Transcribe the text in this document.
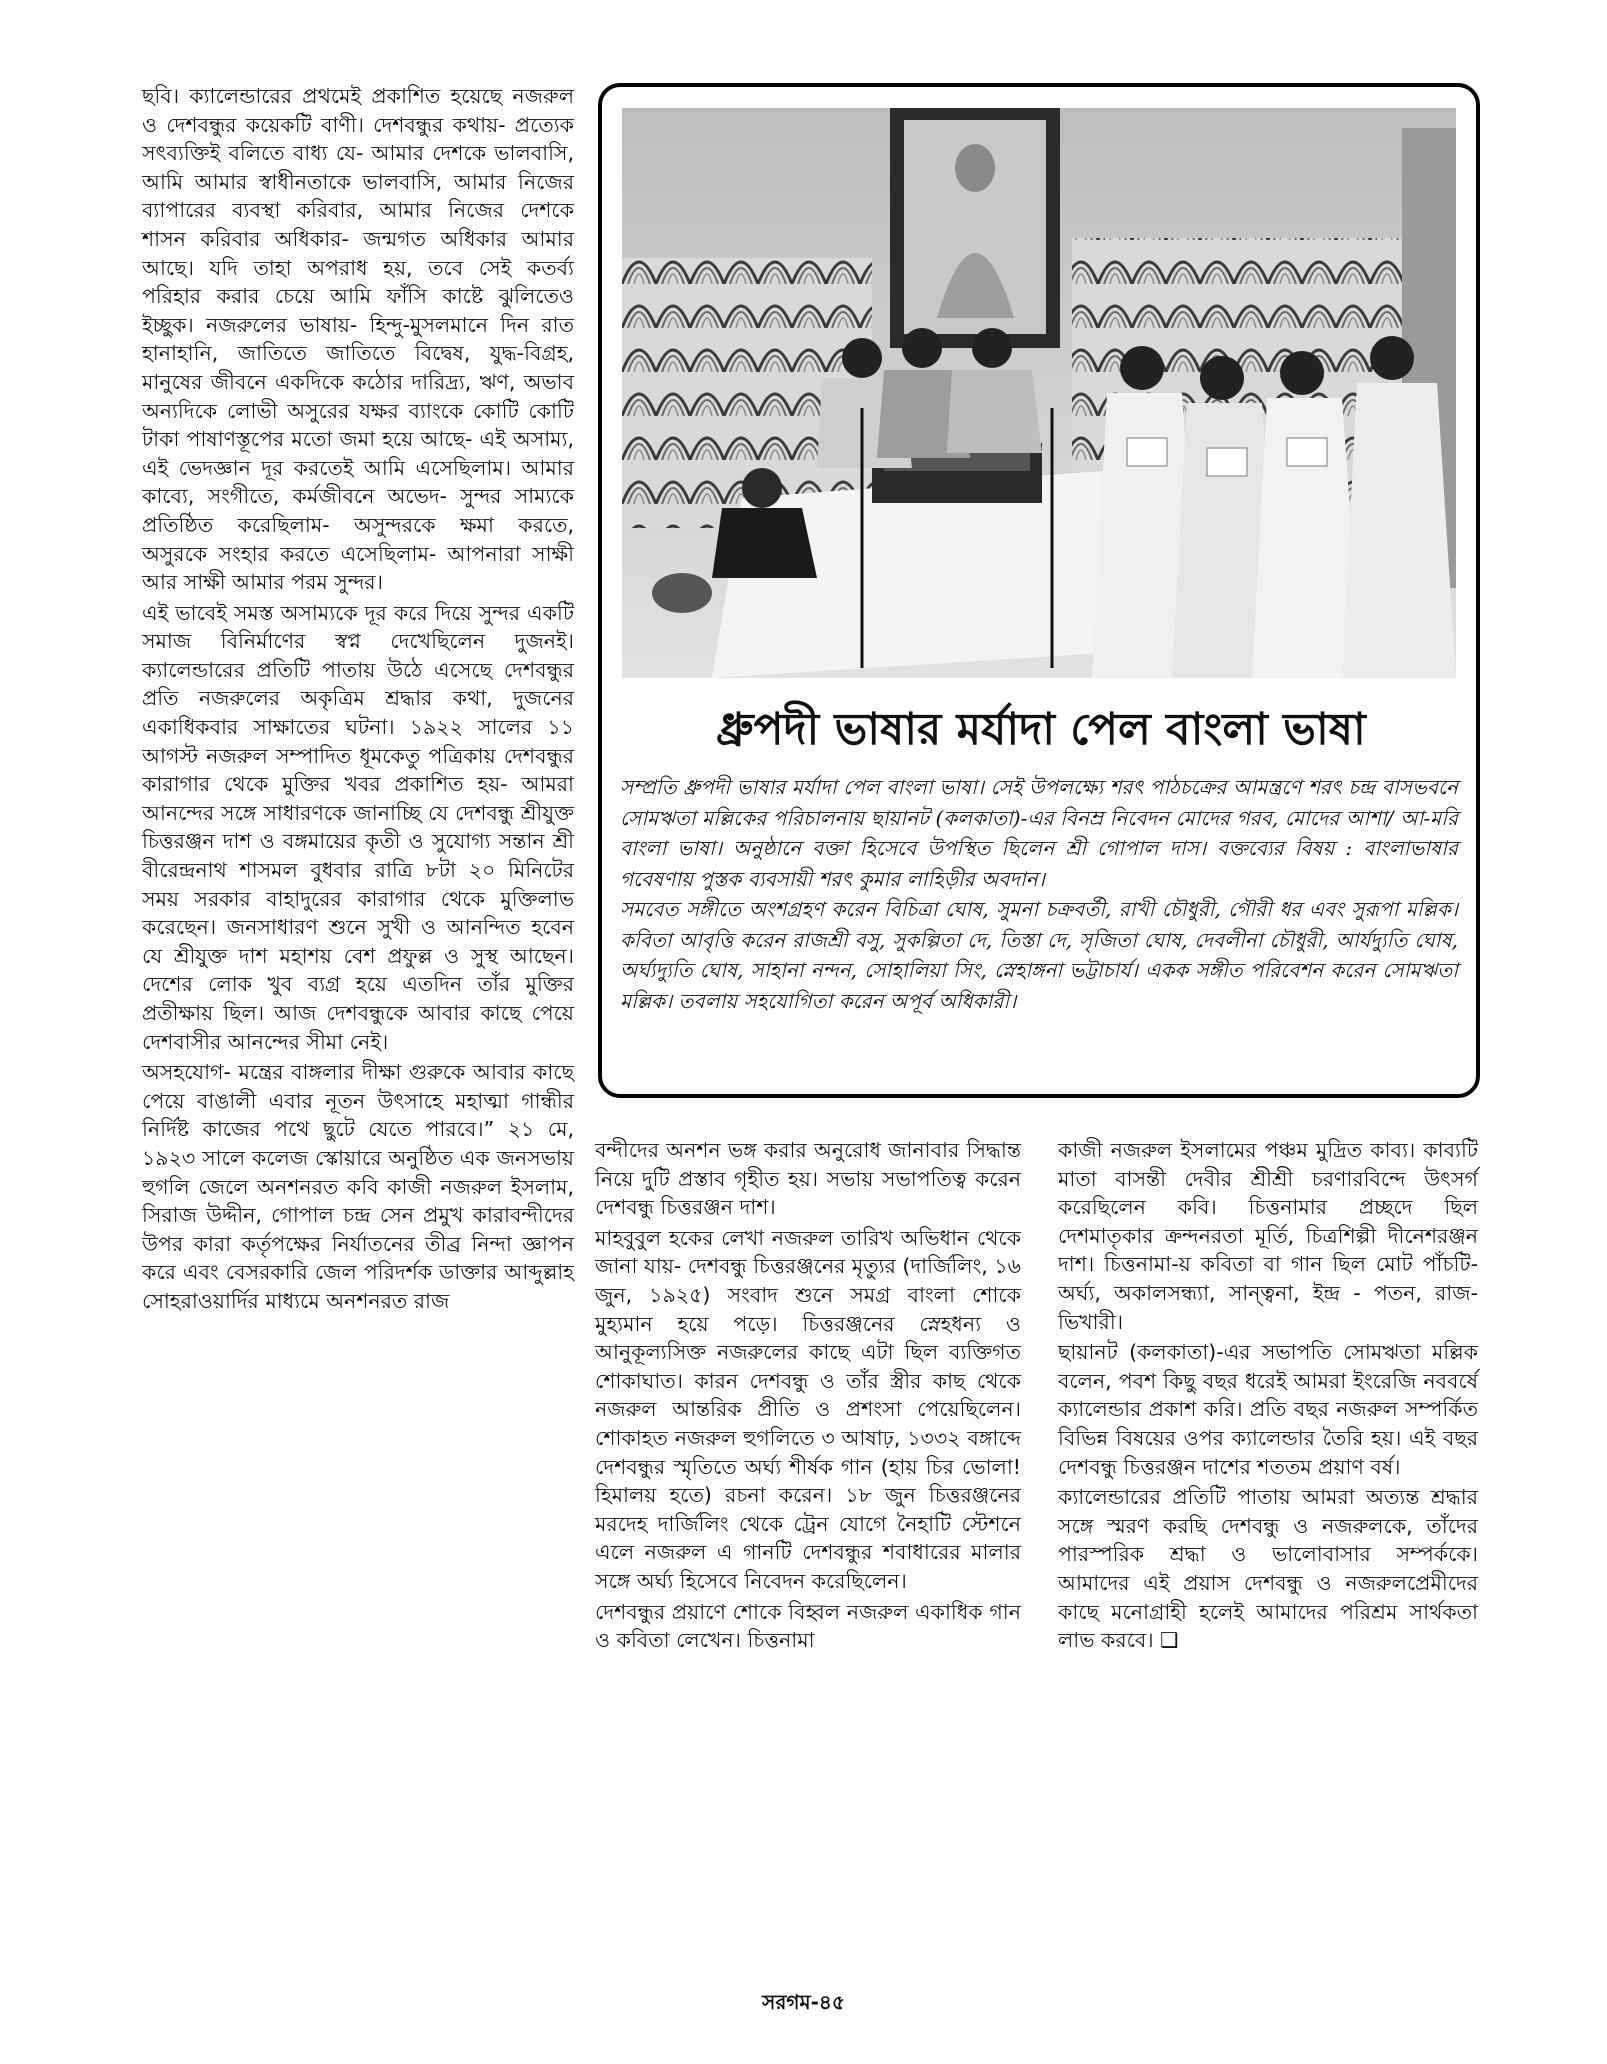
ছবি। ক্যালেন্ডারের প্রথমেই প্রকাশিত হয়েছে নজরুল ও দেশবন্ধুর কয়েকটি বাণী। দেশবন্ধুর কথায়- প্রত্যেক সৎব্যক্তিই বলিতে বাধ্য যে- আমার দেশকে ভালবাসি, আমি আমার স্বাধীনতাকে ভালবাসি, আমার নিজের ব্যাপারের ব্যবস্থা করিবার, আমার নিজের দেশকে শাসন করিবার অধিকার- জন্মগত অধিকার আমার আছে। যদি তাহা অপরাধ হয়, তবে সেই কতর্ব্য পরিহার করার চেয়ে আমি ফাঁসি কাষ্টে ঝুলিতেও ইচ্ছুক। নজরুলের ভাষায়- হিন্দু-মুসলমানে দিন রাত হানাহানি, জাতিতে জাতিতে বিদ্বেষ, যুদ্ধ-বিগ্রহ, মানুষের জীবনে একদিকে কঠোর দারিদ্র্য, ঋণ, অভাব অন্যদিকে লোভী অসুরের যক্ষর ব্যাংকে কোটি কোটি টাকা পাষাণস্তূপের মতো জমা হয়ে আছে- এই অসাম্য, এই ভেদজ্ঞান দূর করতেই আমি এসেছিলাম। আমার কাব্যে, সংগীতে, কর্মজীবনে অভেদ- সুন্দর সাম্যকে প্রতিষ্ঠিত করেছিলাম- অসুন্দরকে ক্ষমা করতে, অসুরকে সংহার করতে এসেছিলাম- আপনারা সাক্ষী আর সাক্ষী আমার পরম সুন্দর।

এই ভাবেই সমস্ত অসাম্যকে দূর করে দিয়ে সুন্দর একটি সমাজ বিনির্মাণের স্বপ্ন দেখেছিলেন দুজনই। ক্যালেন্ডারের প্রতিটি পাতায় উঠে এসেছে দেশবন্ধুর প্রতি নজরুলের অকৃত্রিম শ্রদ্ধার কথা, দুজনের একাধিকবার সাক্ষাতের ঘটনা। ১৯২২ সালের ১১ আগস্ট নজরুল সম্পাদিত ধূমকেতু পত্রিকায় দেশবন্ধুর কারাগার থেকে মুক্তির খবর প্রকাশিত হয়- আমরা আনন্দের সঙ্গে সাধারণকে জানাচ্ছি যে দেশবন্ধু শ্রীযুক্ত চিত্তরঞ্জন দাশ ও বঙ্গমায়ের কৃতী ও সুযোগ্য সন্তান শ্রী বীরেন্দ্রনাথ শাসমল বুধবার রাত্রি ৮টা ২০ মিনিটের সময় সরকার বাহাদুরের কারাগার থেকে মুক্তিলাভ করেছেন। জনসাধারণ শুনে সুখী ও আনন্দিত হবেন যে শ্রীযুক্ত দাশ মহাশয় বেশ প্রফুল্ল ও সুস্থ আছেন। দেশের লোক খুব ব্যগ্র হয়ে এতদিন তাঁর মুক্তির প্রতীক্ষায় ছিল। আজ দেশবন্ধুকে আবার কাছে পেয়ে দেশবাসীর আনন্দের সীমা নেই।

অসহযোগ- মন্ত্রের বাঙ্গলার দীক্ষা গুরুকে আবার কাছে পেয়ে বাঙালী এবার নূতন উৎসাহে মহাত্মা গান্ধীর নির্দিষ্ট কাজের পথে ছুটে যেতে পারবে।” ২১ মে, ১৯২৩ সালে কলেজ স্কোয়ারে অনুষ্ঠিত এক জনসভায় হুগলি জেলে অনশনরত কবি কাজী নজরুল ইসলাম, সিরাজ উদ্দীন, গোপাল চন্দ্র সেন প্রমুখ কারাবন্দীদের উপর কারা কর্তৃপক্ষের নির্যাতনের তীব্র নিন্দা জ্ঞাপন করে এবং বেসরকারি জেল পরিদর্শক ডাক্তার আব্দুল্লাহ সোহরাওয়ার্দির মাধ্যমে অনশনরত রাজ

ধ্রুপদী ভাষার মর্যাদা পেল বাংলা ভাষা

সম্প্রতি ধ্রুপদী ভাষার মর্যাদা পেল বাংলা ভাষা। সেই উপলক্ষ্যে শরৎ পাঠচক্রের আমন্ত্রণে শরৎ চন্দ্র বাসভবনে সোমঋতা মল্লিকের পরিচালনায় ছায়ানট (কলকাতা)-এর বিনম্র নিবেদন মোদের গরব, মোদের আশা/ আ-মরি বাংলা ভাষা। অনুষ্ঠানে বক্তা হিসেবে উপস্থিত ছিলেন শ্রী গোপাল দাস। বক্তব্যের বিষয় : বাংলাভাষার গবেষণায় পুস্তক ব্যবসায়ী শরৎ কুমার লাহিড়ীর অবদান।

সমবেত সঙ্গীতে অংশগ্রহণ করেন বিচিত্রা ঘোষ, সুমনা চক্রবর্তী, রাখী চৌধুরী, গৌরী ধর এবং সুরূপা মল্লিক। কবিতা আবৃত্তি করেন রাজশ্রী বসু, সুকল্পিতা দে, তিস্তা দে, সৃজিতা ঘোষ, দেবলীনা চৌধুরী, আর্যদ্যুতি ঘোষ, অর্ঘ্যদ্যুতি ঘোষ, সাহানা নন্দন, সোহালিয়া সিং, স্নেহাঙ্গনা ভট্টাচার্য। একক সঙ্গীত পরিবেশন করেন সোমঋতা মল্লিক। তবলায় সহযোগিতা করেন অপূর্ব অধিকারী।

বন্দীদের অনশন ভঙ্গ করার অনুরোধ জানাবার সিদ্ধান্ত নিয়ে দুটি প্রস্তাব গৃহীত হয়। সভায় সভাপতিত্ব করেন দেশবন্ধু চিত্তরঞ্জন দাশ।

মাহবুবুল হকের লেখা নজরুল তারিখ অভিধান থেকে জানা যায়- দেশবন্ধু চিত্তরঞ্জনের মৃত্যুর (দার্জিলিং, ১৬ জুন, ১৯২৫) সংবাদ শুনে সমগ্র বাংলা শোকে মুহ্যমান হয়ে পড়ে। চিত্তরঞ্জনের স্নেহধন্য ও আনুকূল্যসিক্ত নজরুলের কাছে এটা ছিল ব্যক্তিগত শোকাঘাত। কারন দেশবন্ধু ও তাঁর স্ত্রীর কাছ থেকে নজরুল আন্তরিক প্রীতি ও প্রশংসা পেয়েছিলেন। শোকাহত নজরুল হুগলিতে ৩ আষাঢ়, ১৩৩২ বঙ্গাব্দে দেশবন্ধুর স্মৃতিতে অর্ঘ্য শীর্ষক গান (হায় চির ভোলা! হিমালয় হতে) রচনা করেন। ১৮ জুন চিত্তরঞ্জনের মরদেহ দার্জিলিং থেকে ট্রেন যোগে নৈহাটি স্টেশনে এলে নজরুল এ গানটি দেশবন্ধুর শবাধারের মালার সঙ্গে অর্ঘ্য হিসেবে নিবেদন করেছিলেন।

দেশবন্ধুর প্রয়াণে শোকে বিহ্বল নজরুল একাধিক গান ও কবিতা লেখেন। চিত্তনামা

কাজী নজরুল ইসলামের পঞ্চম মুদ্রিত কাব্য। কাব্যটি মাতা বাসন্তী দেবীর শ্রীশ্রী চরণারবিন্দে উৎসর্গ করেছিলেন কবি। চিত্তনামার প্রচ্ছদে ছিল দেশমাতৃকার ক্রন্দনরতা মূর্তি, চিত্রশিল্পী দীনেশরঞ্জন দাশ। চিত্তনামা-য় কবিতা বা গান ছিল মোট পাঁচটি- অর্ঘ্য, অকালসন্ধ্যা, সান্ত্বনা, ইন্দ্র - পতন, রাজ-ভিখারী।

ছায়ানট (কলকাতা)-এর সভাপতি সোমঋতা মল্লিক বলেন, পবশ কিছু বছর ধরেই আমরা ইংরেজি নববর্ষে ক্যালেন্ডার প্রকাশ করি। প্রতি বছর নজরুল সম্পর্কিত বিভিন্ন বিষয়ের ওপর ক্যালেন্ডার তৈরি হয়। এই বছর দেশবন্ধু চিত্তরঞ্জন দাশের শততম প্রয়াণ বর্ষ।

ক্যালেন্ডারের প্রতিটি পাতায় আমরা অত্যন্ত শ্রদ্ধার সঙ্গে স্মরণ করছি দেশবন্ধু ও নজরুলকে, তাঁদের পারস্পরিক শ্রদ্ধা ও ভালোবাসার সম্পর্ককে। আমাদের এই প্রয়াস দেশবন্ধু ও নজরুলপ্রেমীদের কাছে মনোগ্রাহী হলেই আমাদের পরিশ্রম সার্থকতা লাভ করবে। ❑

সরগম-৪৫
